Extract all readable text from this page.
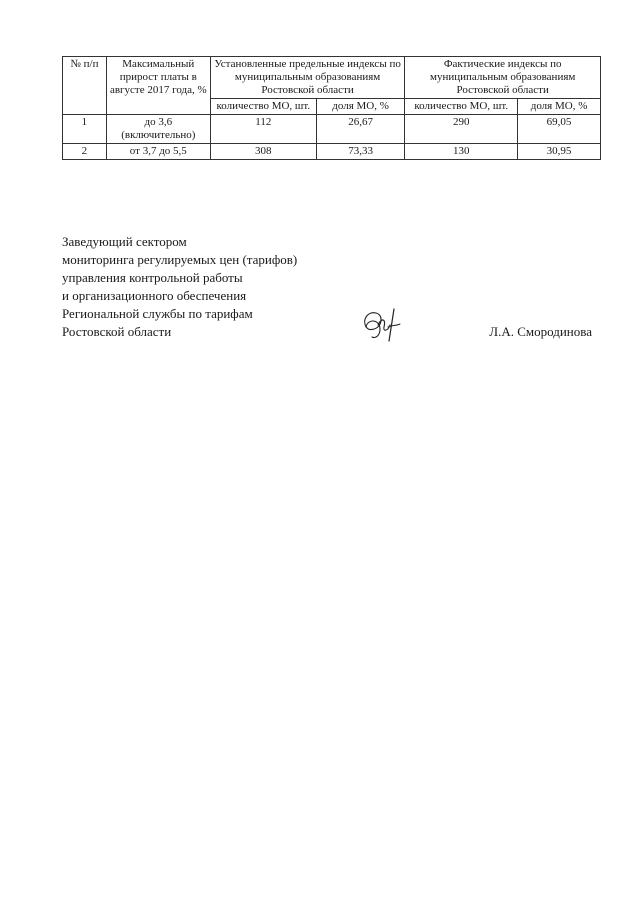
№ п/п	Максимальный прирост платы в августе 2017 года, %	Установленные предельные индексы по муниципальным образованиям Ростовской области		Фактические индексы по муниципальным образованиям Ростовской области	
		количество МО, шт.	доля МО, %	количество МО, шт.	доля МО, %
1	до 3,6 (включительно)	112	26,67	290	69,05
2	от 3,7 до 5,5	308	73,33	130	30,95
Заведующий сектором
мониторинга регулируемых цен (тарифов)
управления контрольной работы
и организационного обеспечения
Региональной службы по тарифам
Ростовской области	Л.А. Смородинова
